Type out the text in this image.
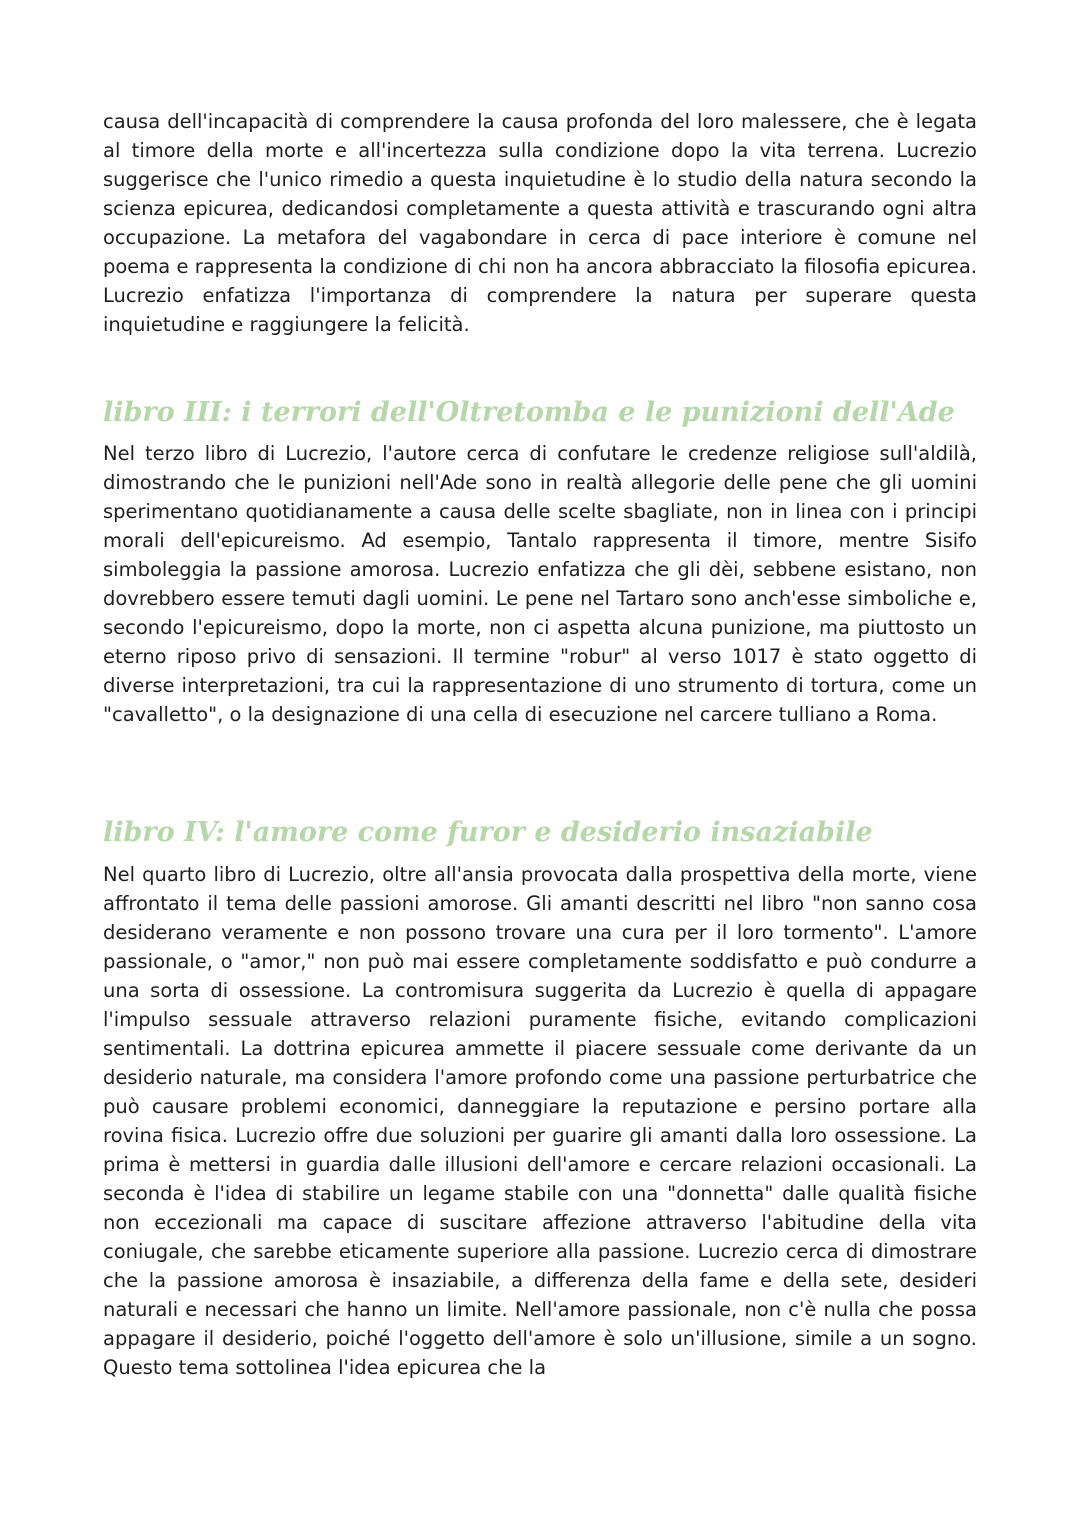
causa dell'incapacità di comprendere la causa profonda del loro malessere, che è legata al timore della morte e all'incertezza sulla condizione dopo la vita terrena. Lucrezio suggerisce che l'unico rimedio a questa inquietudine è lo studio della natura secondo la scienza epicurea, dedicandosi completamente a questa attività e trascurando ogni altra occupazione. La metafora del vagabondare in cerca di pace interiore è comune nel poema e rappresenta la condizione di chi non ha ancora abbracciato la filosofia epicurea. Lucrezio enfatizza l'importanza di comprendere la natura per superare questa inquietudine e raggiungere la felicità.

libro III: i terrori dell'Oltretomba e le punizioni dell'Ade

Nel terzo libro di Lucrezio, l'autore cerca di confutare le credenze religiose sull'aldilà, dimostrando che le punizioni nell'Ade sono in realtà allegorie delle pene che gli uomini sperimentano quotidianamente a causa delle scelte sbagliate, non in linea con i principi morali dell'epicureismo. Ad esempio, Tantalo rappresenta il timore, mentre Sisifo simboleggia la passione amorosa. Lucrezio enfatizza che gli dèi, sebbene esistano, non dovrebbero essere temuti dagli uomini. Le pene nel Tartaro sono anch'esse simboliche e, secondo l'epicureismo, dopo la morte, non ci aspetta alcuna punizione, ma piuttosto un eterno riposo privo di sensazioni. Il termine "robur" al verso 1017 è stato oggetto di diverse interpretazioni, tra cui la rappresentazione di uno strumento di tortura, come un "cavalletto", o la designazione di una cella di esecuzione nel carcere tulliano a Roma.

libro IV: l'amore come furor e desiderio insaziabile

Nel quarto libro di Lucrezio, oltre all'ansia provocata dalla prospettiva della morte, viene affrontato il tema delle passioni amorose. Gli amanti descritti nel libro "non sanno cosa desiderano veramente e non possono trovare una cura per il loro tormento". L'amore passionale, o "amor," non può mai essere completamente soddisfatto e può condurre a una sorta di ossessione. La contromisura suggerita da Lucrezio è quella di appagare l'impulso sessuale attraverso relazioni puramente fisiche, evitando complicazioni sentimentali. La dottrina epicurea ammette il piacere sessuale come derivante da un desiderio naturale, ma considera l'amore profondo come una passione perturbatrice che può causare problemi economici, danneggiare la reputazione e persino portare alla rovina fisica. Lucrezio offre due soluzioni per guarire gli amanti dalla loro ossessione. La prima è mettersi in guardia dalle illusioni dell'amore e cercare relazioni occasionali. La seconda è l'idea di stabilire un legame stabile con una "donnetta" dalle qualità fisiche non eccezionali ma capace di suscitare affezione attraverso l'abitudine della vita coniugale, che sarebbe eticamente superiore alla passione. Lucrezio cerca di dimostrare che la passione amorosa è insaziabile, a differenza della fame e della sete, desideri naturali e necessari che hanno un limite. Nell'amore passionale, non c'è nulla che possa appagare il desiderio, poiché l'oggetto dell'amore è solo un'illusione, simile a un sogno. Questo tema sottolinea l'idea epicurea che la
